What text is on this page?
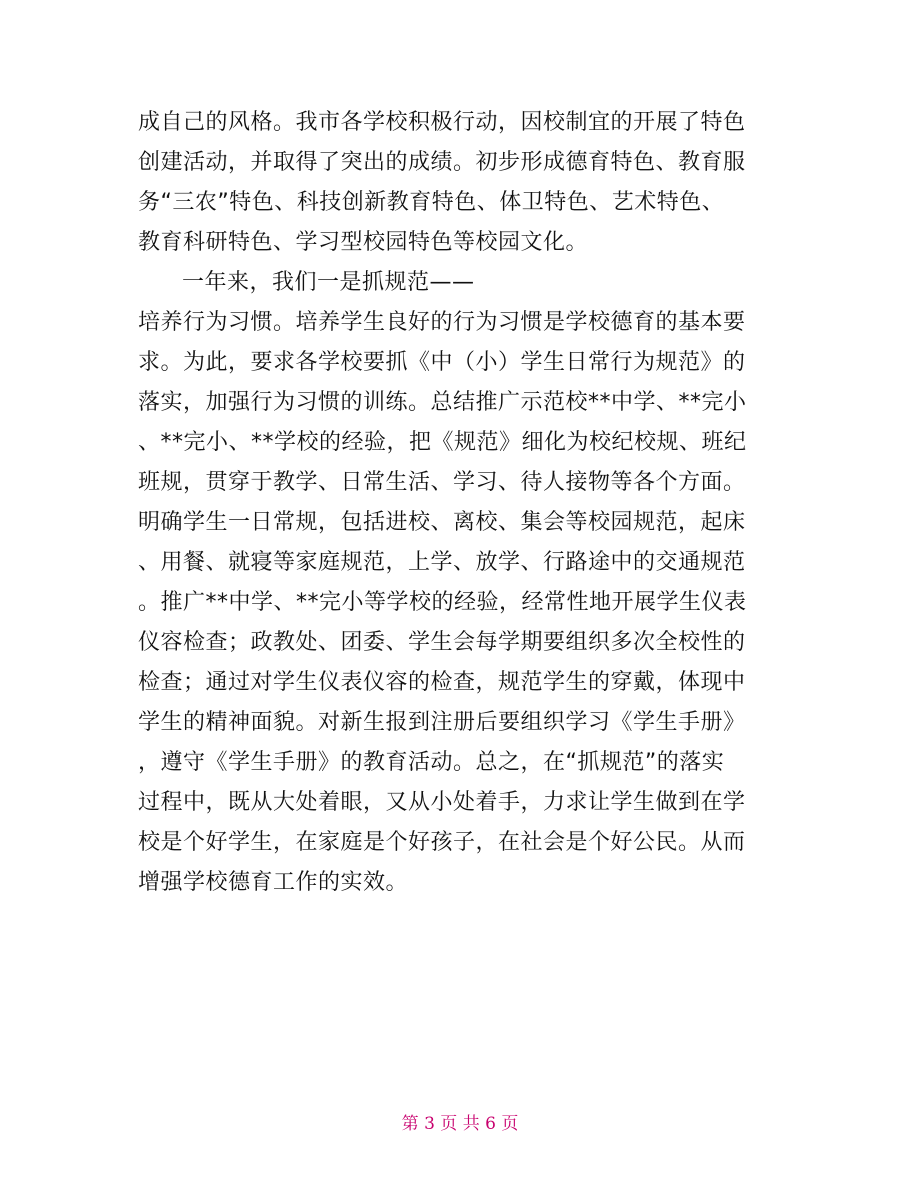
成自己的风格。我市各学校积极行动，因校制宜的开展了特色
创建活动，并取得了突出的成绩。初步形成德育特色、教育服
务“三农”特色、科技创新教育特色、体卫特色、艺术特色、
教育科研特色、学习型校园特色等校园文化。
一年来，我们一是抓规范——
培养行为习惯。培养学生良好的行为习惯是学校德育的基本要
求。为此，要求各学校要抓《中（小）学生日常行为规范》的
落实，加强行为习惯的训练。总结推广示范校**中学、**完小
、**完小、**学校的经验，把《规范》细化为校纪校规、班纪
班规，贯穿于教学、日常生活、学习、待人接物等各个方面。
明确学生一日常规，包括进校、离校、集会等校园规范，起床
、用餐、就寝等家庭规范，上学、放学、行路途中的交通规范
。推广**中学、**完小等学校的经验，经常性地开展学生仪表
仪容检查；政教处、团委、学生会每学期要组织多次全校性的
检查；通过对学生仪表仪容的检查，规范学生的穿戴，体现中
学生的精神面貌。对新生报到注册后要组织学习《学生手册》
，遵守《学生手册》的教育活动。总之，在“抓规范”的落实
过程中，既从大处着眼，又从小处着手，力求让学生做到在学
校是个好学生，在家庭是个好孩子，在社会是个好公民。从而
增强学校德育工作的实效。
第 3 页 共 6 页
